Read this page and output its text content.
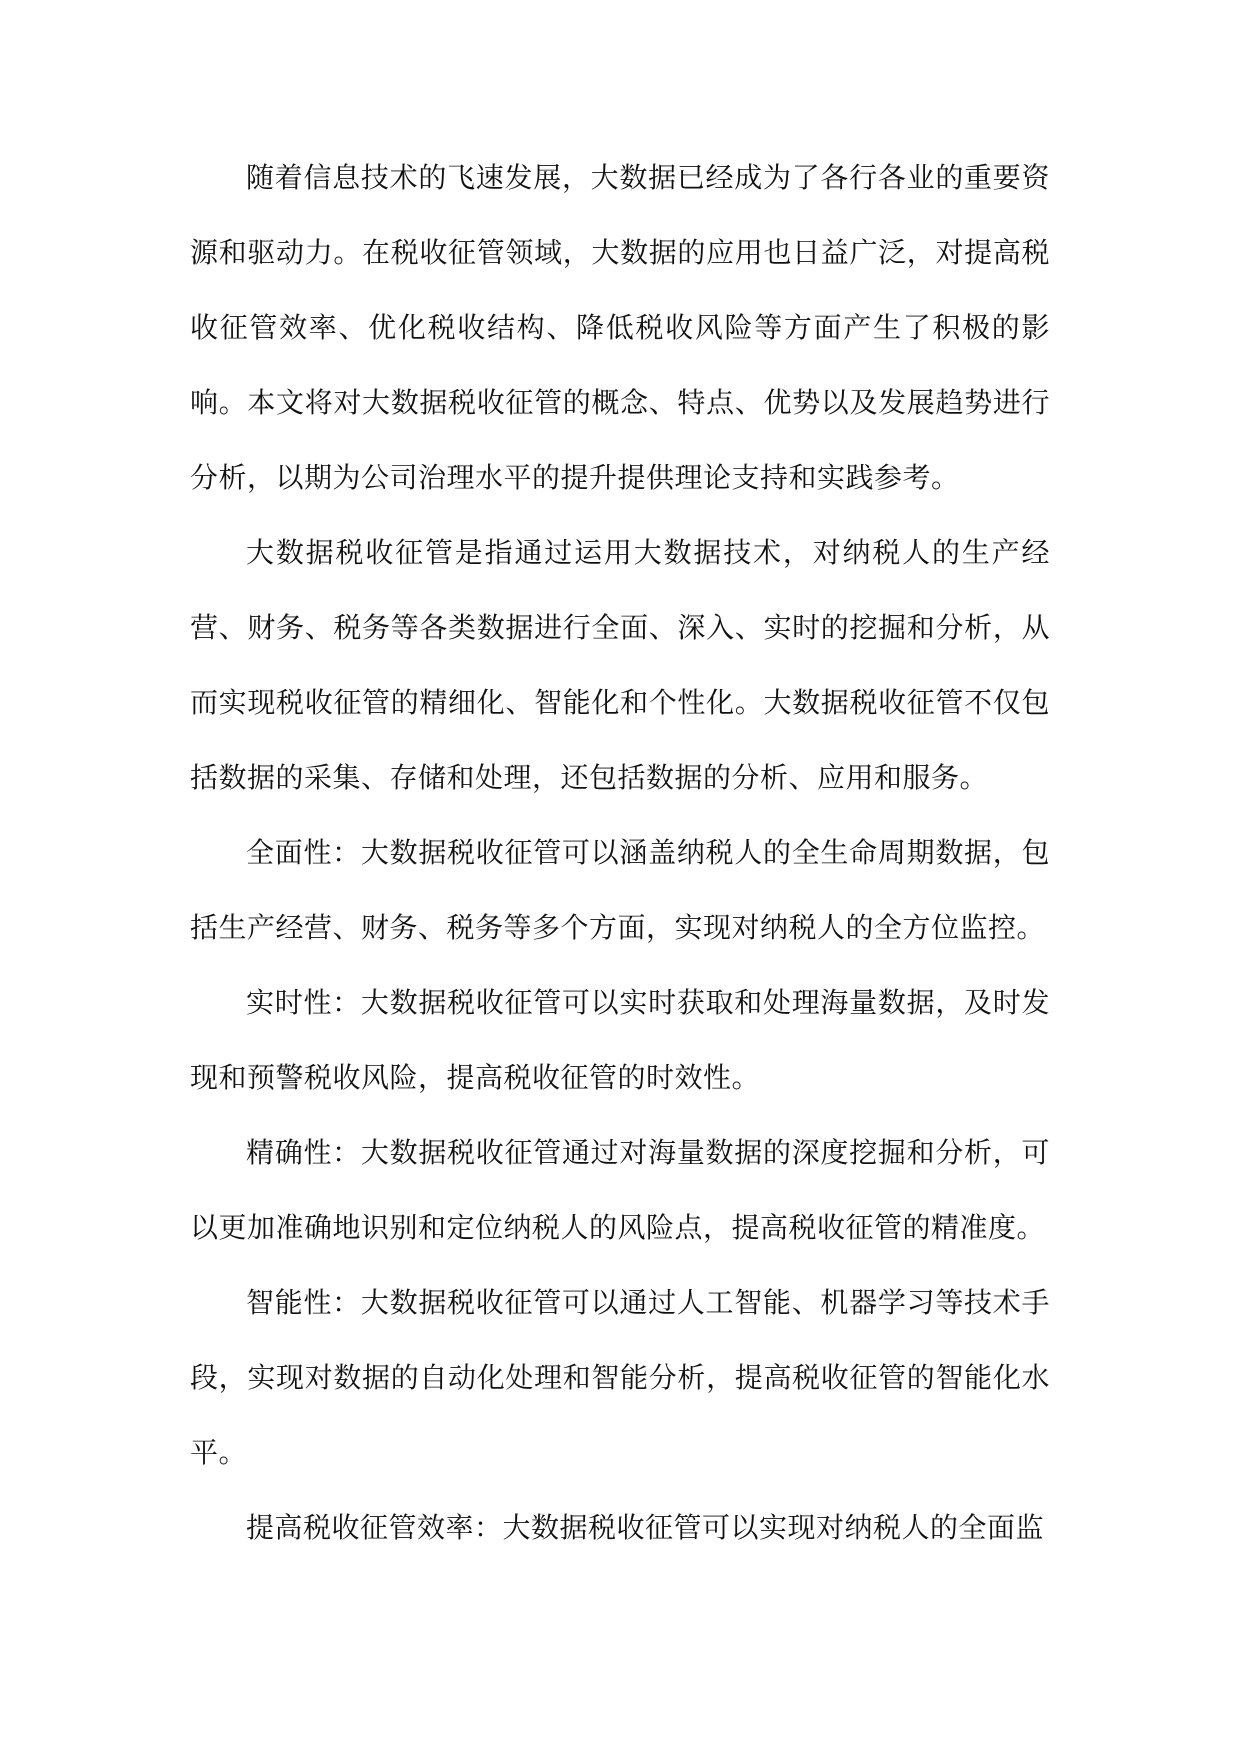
随着信息技术的飞速发展，大数据已经成为了各行各业的重要资源和驱动力。在税收征管领域，大数据的应用也日益广泛，对提高税收征管效率、优化税收结构、降低税收风险等方面产生了积极的影响。本文将对大数据税收征管的概念、特点、优势以及发展趋势进行分析，以期为公司治理水平的提升提供理论支持和实践参考。

大数据税收征管是指通过运用大数据技术，对纳税人的生产经营、财务、税务等各类数据进行全面、深入、实时的挖掘和分析，从而实现税收征管的精细化、智能化和个性化。大数据税收征管不仅包括数据的采集、存储和处理，还包括数据的分析、应用和服务。

全面性：大数据税收征管可以涵盖纳税人的全生命周期数据，包括生产经营、财务、税务等多个方面，实现对纳税人的全方位监控。

实时性：大数据税收征管可以实时获取和处理海量数据，及时发现和预警税收风险，提高税收征管的时效性。

精确性：大数据税收征管通过对海量数据的深度挖掘和分析，可以更加准确地识别和定位纳税人的风险点，提高税收征管的精准度。

智能性：大数据税收征管可以通过人工智能、机器学习等技术手段，实现对数据的自动化处理和智能分析，提高税收征管的智能化水平。

提高税收征管效率：大数据税收征管可以实现对纳税人的全面监
